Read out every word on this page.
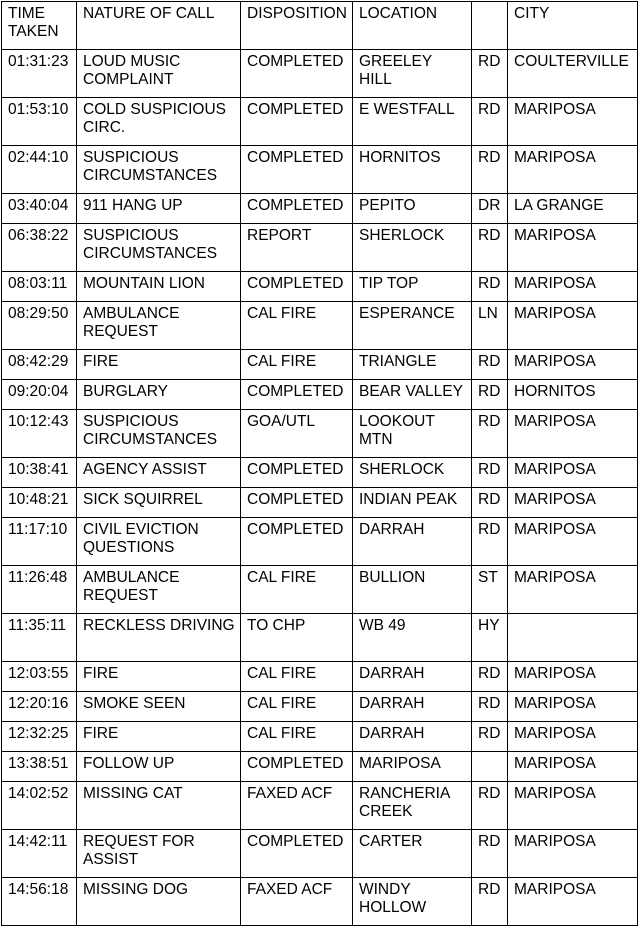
TIME TAKEN	NATURE OF CALL	DISPOSITION	LOCATION		CITY
01:31:23	LOUD MUSIC COMPLAINT	COMPLETED	GREELEY HILL	RD	COULTERVILLE
01:53:10	COLD SUSPICIOUS CIRC.	COMPLETED	E WESTFALL	RD	MARIPOSA
02:44:10	SUSPICIOUS CIRCUMSTANCES	COMPLETED	HORNITOS	RD	MARIPOSA
03:40:04	911 HANG UP	COMPLETED	PEPITO	DR	LA GRANGE
06:38:22	SUSPICIOUS CIRCUMSTANCES	REPORT	SHERLOCK	RD	MARIPOSA
08:03:11	MOUNTAIN LION	COMPLETED	TIP TOP	RD	MARIPOSA
08:29:50	AMBULANCE REQUEST	CAL FIRE	ESPERANCE	LN	MARIPOSA
08:42:29	FIRE	CAL FIRE	TRIANGLE	RD	MARIPOSA
09:20:04	BURGLARY	COMPLETED	BEAR VALLEY	RD	HORNITOS
10:12:43	SUSPICIOUS CIRCUMSTANCES	GOA/UTL	LOOKOUT MTN	RD	MARIPOSA
10:38:41	AGENCY ASSIST	COMPLETED	SHERLOCK	RD	MARIPOSA
10:48:21	SICK SQUIRREL	COMPLETED	INDIAN PEAK	RD	MARIPOSA
11:17:10	CIVIL EVICTION QUESTIONS	COMPLETED	DARRAH	RD	MARIPOSA
11:26:48	AMBULANCE REQUEST	CAL FIRE	BULLION	ST	MARIPOSA
11:35:11	RECKLESS DRIVING	TO CHP	WB 49	HY	
12:03:55	FIRE	CAL FIRE	DARRAH	RD	MARIPOSA
12:20:16	SMOKE SEEN	CAL FIRE	DARRAH	RD	MARIPOSA
12:32:25	FIRE	CAL FIRE	DARRAH	RD	MARIPOSA
13:38:51	FOLLOW UP	COMPLETED	MARIPOSA		MARIPOSA
14:02:52	MISSING CAT	FAXED ACF	RANCHERIA CREEK	RD	MARIPOSA
14:42:11	REQUEST FOR ASSIST	COMPLETED	CARTER	RD	MARIPOSA
14:56:18	MISSING DOG	FAXED ACF	WINDY HOLLOW	RD	MARIPOSA
